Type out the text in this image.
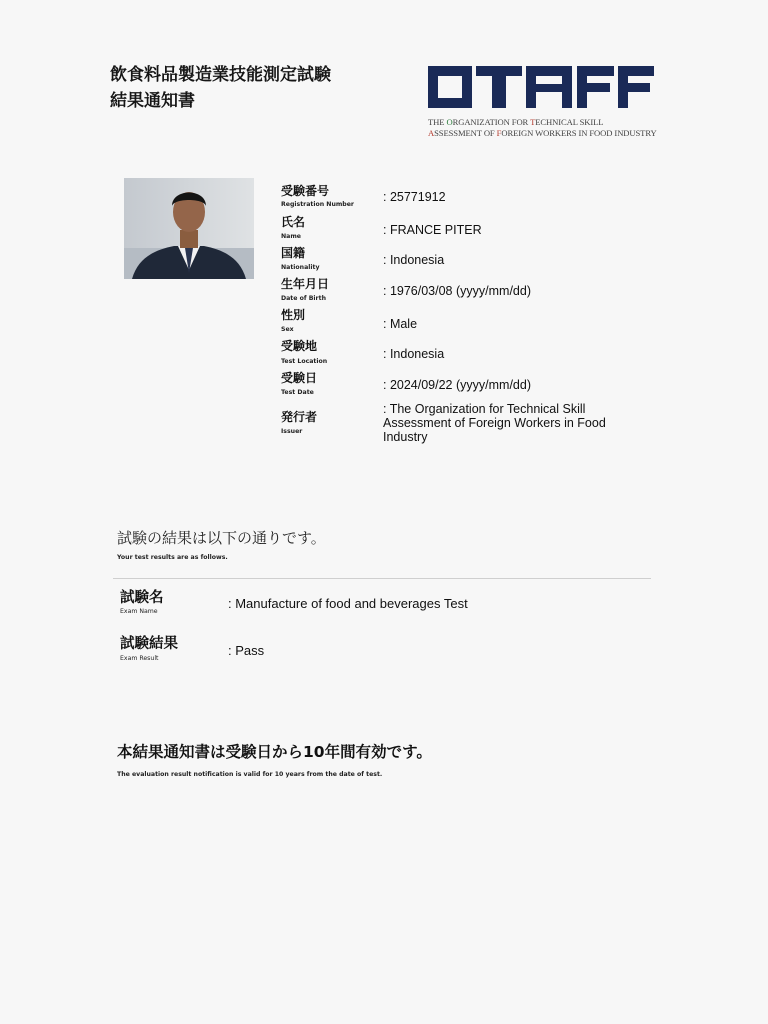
飲食料品製造業技能測定試験
結果通知書
THE ORGANIZATION FOR TECHNICAL SKILL
ASSESSMENT OF FOREIGN WORKERS IN FOOD INDUSTRY
受験番号
Registration Number
: 25771912
氏名
Name	: FRANCE PITER
国籍
Nationality
: Indonesia
生年月日
Date of Birth
: 1976/03/08 (yyyy/mm/dd)
性別
Sex	: Male
受験地
Test Location
: Indonesia
受験日
Test Date
: 2024/09/22 (yyyy/mm/dd)
発行者
Issuer
: The Organization for Technical Skill Assessment of Foreign Workers in Food Industry
試験の結果は以下の通りです。
Your test results are as follows.
試験名
Exam Name
: Manufacture of food and beverages Test
試験結果
Exam Result
: Pass
本結果通知書は受験日から10年間有効です。
The evaluation result notification is valid for 10 years from the date of test.
